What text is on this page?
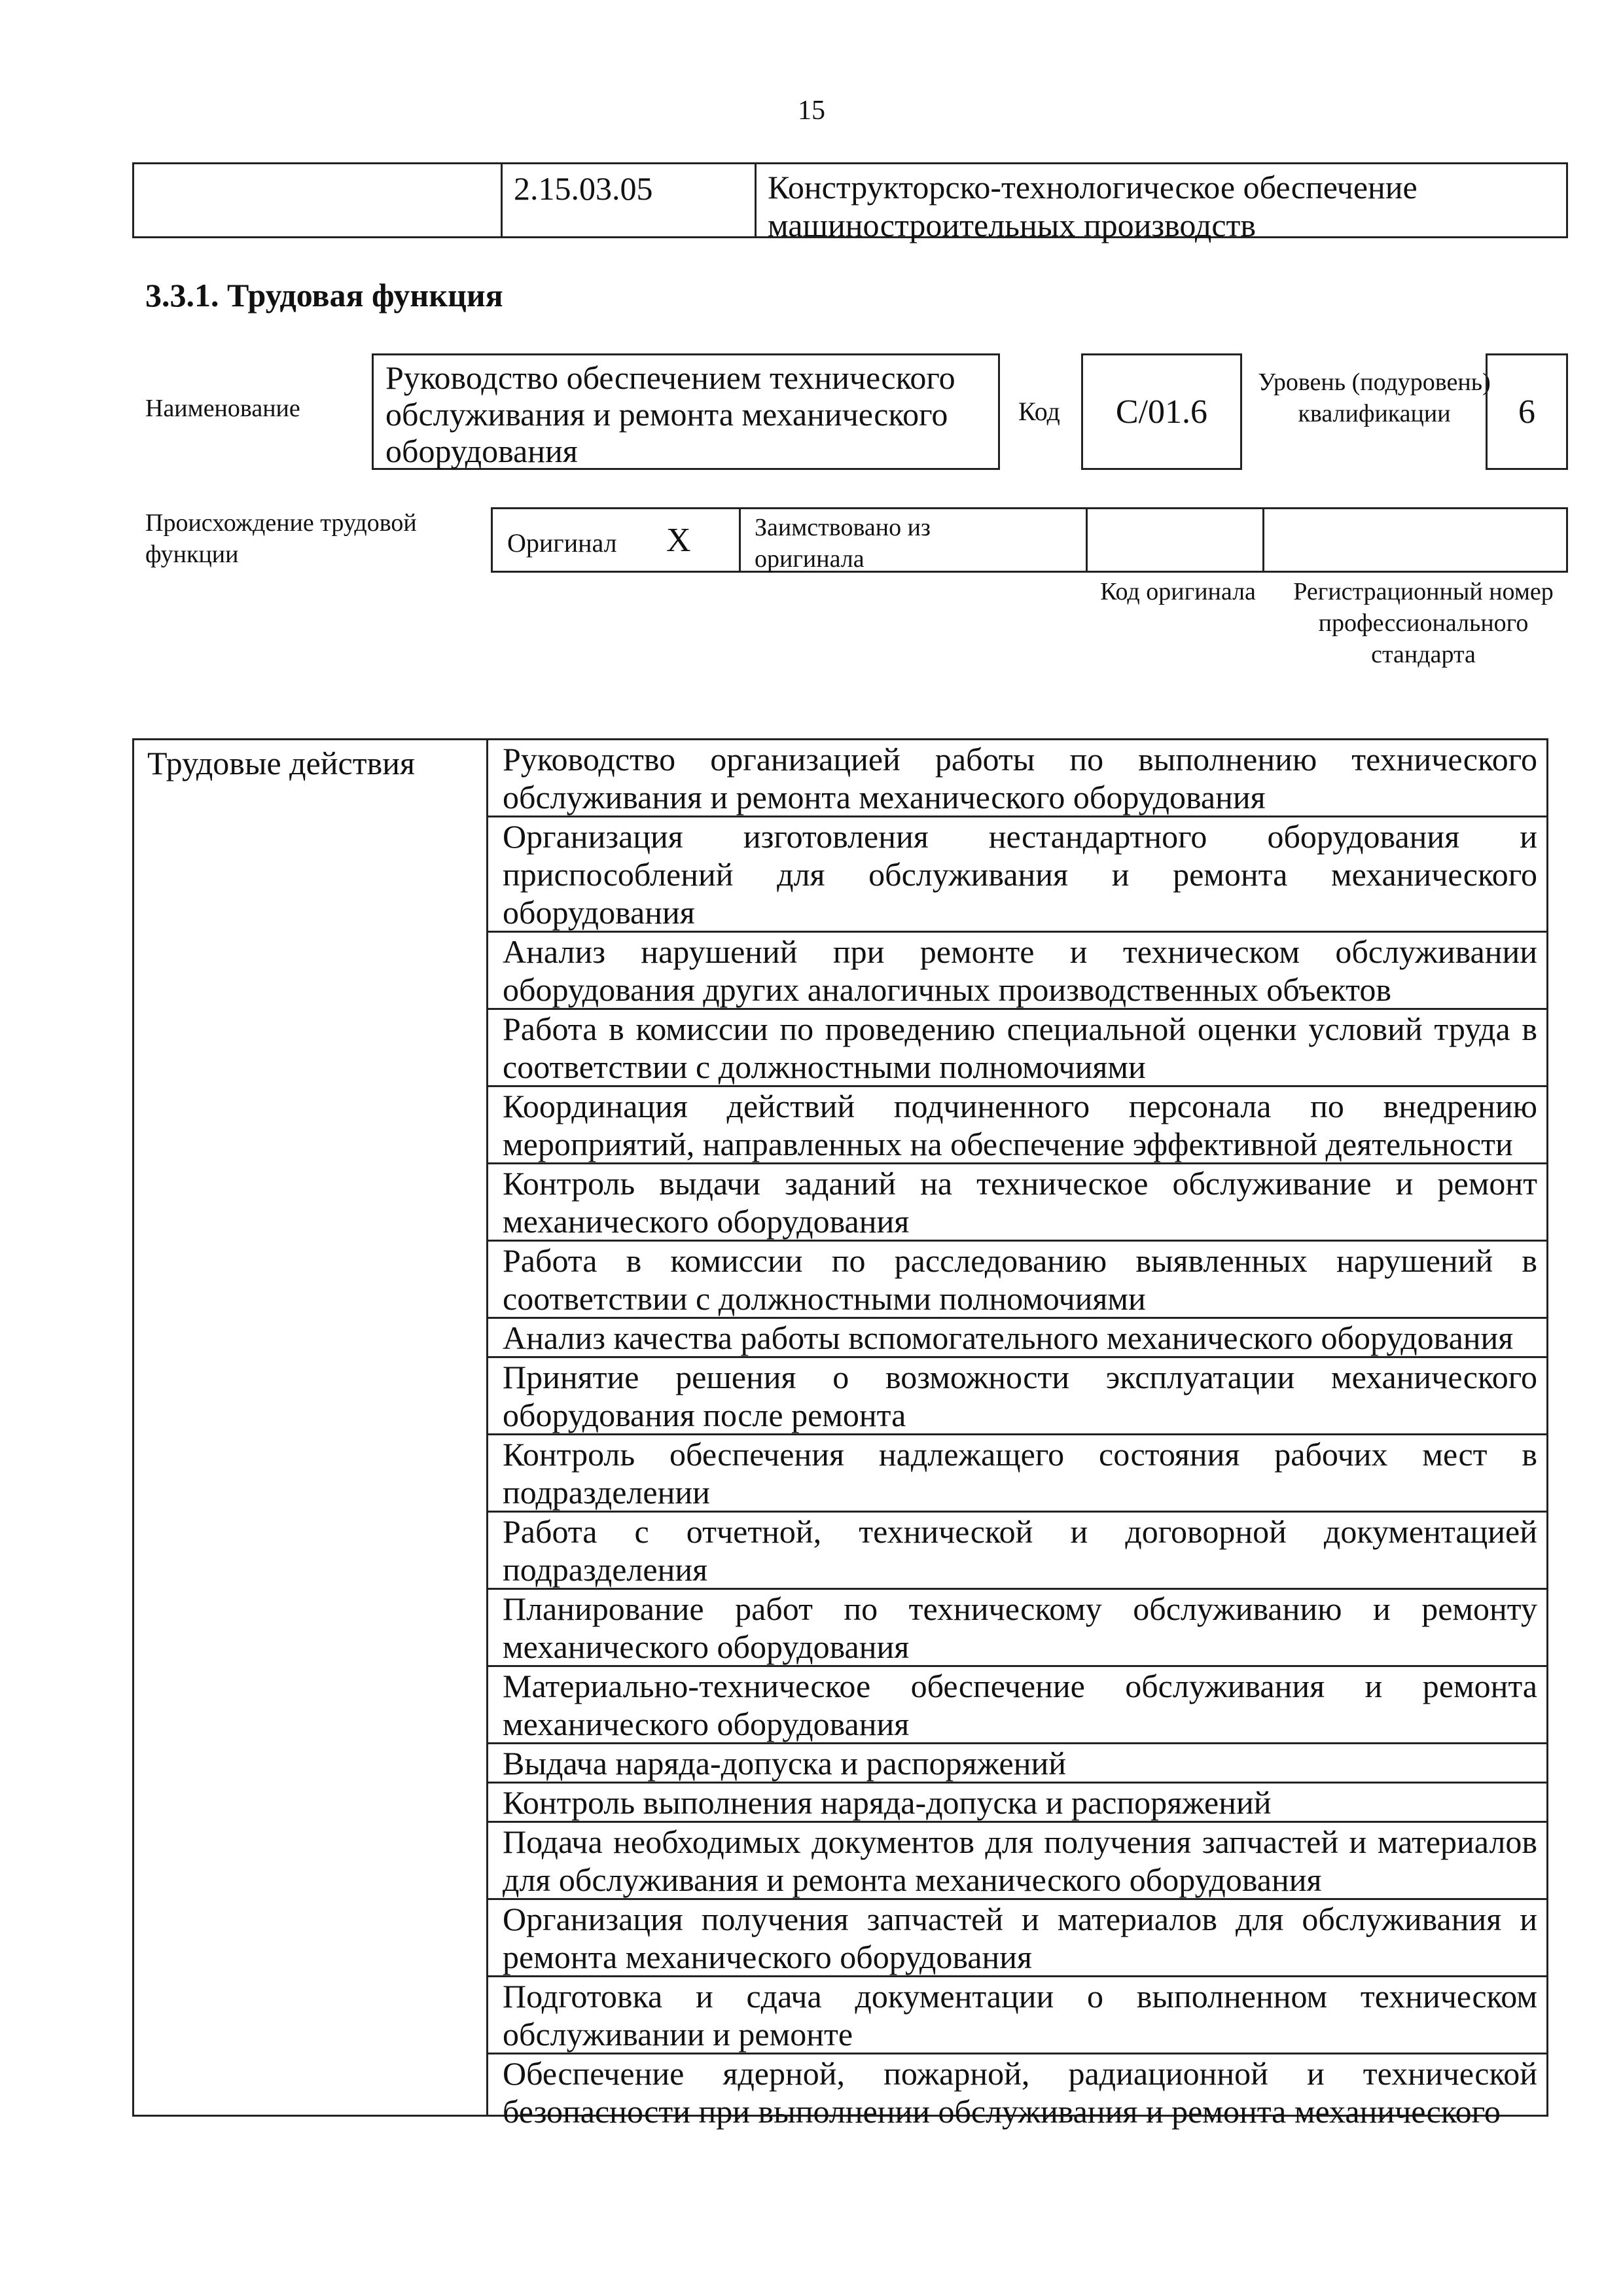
15
2.15.03.05	Конструкторско-технологическое обеспечение машиностроительных производств
3.3.1. Трудовая функция
Наименование
Руководство обеспечением технического обслуживания и ремонта механического оборудования
Код	С/01.6
Уровень (подуровень) квалификации	6
Происхождение трудовой функции	Оригинал Х	Заимствовано из оригинала
Код оригинала	Регистрационный номер профессионального стандарта
Трудовые действия	Руководство организацией работы по выполнению технического обслуживания и ремонта механического оборудования
Организация изготовления нестандартного оборудования и приспособлений для обслуживания и ремонта механического оборудования
Анализ нарушений при ремонте и техническом обслуживании оборудования других аналогичных производственных объектов
Работа в комиссии по проведению специальной оценки условий труда в соответствии с должностными полномочиями
Координация действий подчиненного персонала по внедрению мероприятий, направленных на обеспечение эффективной деятельности
Контроль выдачи заданий на техническое обслуживание и ремонт механического оборудования
Работа в комиссии по расследованию выявленных нарушений в соответствии с должностными полномочиями
Анализ качества работы вспомогательного механического оборудования
Принятие решения о возможности эксплуатации механического оборудования после ремонта
Контроль обеспечения надлежащего состояния рабочих мест в подразделении
Работа с отчетной, технической и договорной документацией подразделения
Планирование работ по техническому обслуживанию и ремонту механического оборудования
Материально-техническое обеспечение обслуживания и ремонта механического оборудования
Выдача наряда-допуска и распоряжений
Контроль выполнения наряда-допуска и распоряжений
Подача необходимых документов для получения запчастей и материалов для обслуживания и ремонта механического оборудования
Организация получения запчастей и материалов для обслуживания и ремонта механического оборудования
Подготовка и сдача документации о выполненном техническом обслуживании и ремонте
Обеспечение ядерной, пожарной, радиационной и технической безопасности при выполнении обслуживания и ремонта механического
